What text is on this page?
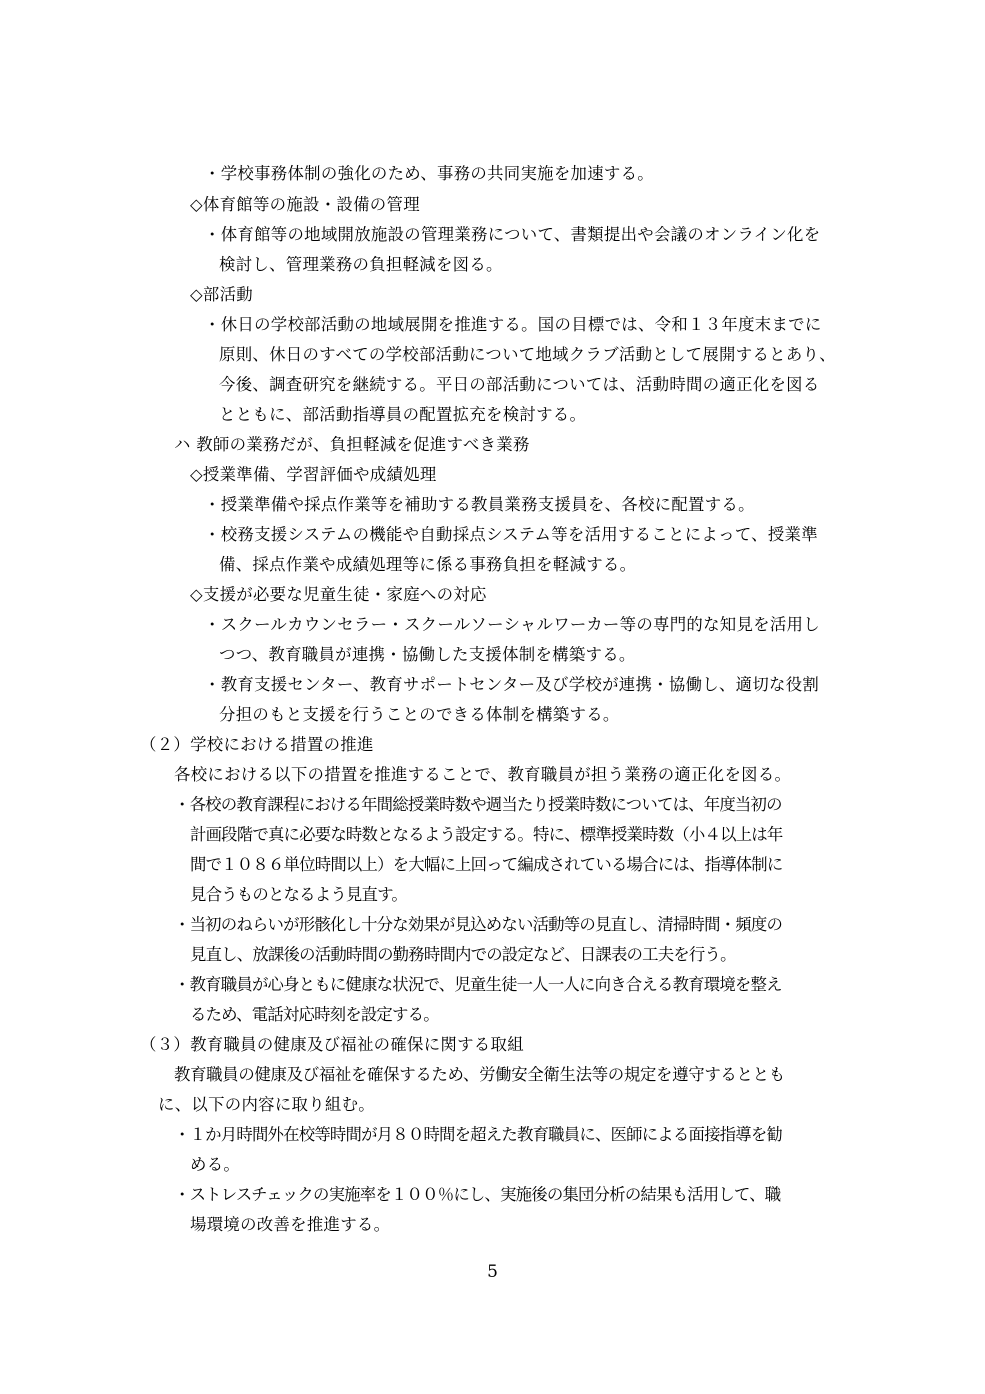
・学校事務体制の強化のため、事務の共同実施を加速する。
◇体育館等の施設・設備の管理
・体育館等の地域開放施設の管理業務について、書類提出や会議のオンライン化を
検討し、管理業務の負担軽減を図る。
◇部活動
・休日の学校部活動の地域展開を推進する。国の目標では、令和１３年度末までに
原則、休日のすべての学校部活動について地域クラブ活動として展開するとあり、
今後、調査研究を継続する。平日の部活動については、活動時間の適正化を図る
とともに、部活動指導員の配置拡充を検討する。
ハ 教師の業務だが、負担軽減を促進すべき業務
◇授業準備、学習評価や成績処理
・授業準備や採点作業等を補助する教員業務支援員を、各校に配置する。
・校務支援システムの機能や自動採点システム等を活用することによって、授業準
備、採点作業や成績処理等に係る事務負担を軽減する。
◇支援が必要な児童生徒・家庭への対応
・スクールカウンセラー・スクールソーシャルワーカー等の専門的な知見を活用し
つつ、教育職員が連携・協働した支援体制を構築する。
・教育支援センター、教育サポートセンター及び学校が連携・協働し、適切な役割
分担のもと支援を行うことのできる体制を構築する。
（２）学校における措置の推進
各校における以下の措置を推進することで、教育職員が担う業務の適正化を図る。
・各校の教育課程における年間総授業時数や週当たり授業時数については、年度当初の
計画段階で真に必要な時数となるよう設定する。特に、標準授業時数（小４以上は年
間で１０８６単位時間以上）を大幅に上回って編成されている場合には、指導体制に
見合うものとなるよう見直す。
・当初のねらいが形骸化し十分な効果が見込めない活動等の見直し、清掃時間・頻度の
見直し、放課後の活動時間の勤務時間内での設定など、日課表の工夫を行う。
・教育職員が心身ともに健康な状況で、児童生徒一人一人に向き合える教育環境を整え
るため、電話対応時刻を設定する。
（３）教育職員の健康及び福祉の確保に関する取組
教育職員の健康及び福祉を確保するため、労働安全衛生法等の規定を遵守するととも
に、以下の内容に取り組む。
・１か月時間外在校等時間が月８０時間を超えた教育職員に、医師による面接指導を勧
める。
・ストレスチェックの実施率を１００％にし、実施後の集団分析の結果も活用して、職
場環境の改善を推進する。
5
